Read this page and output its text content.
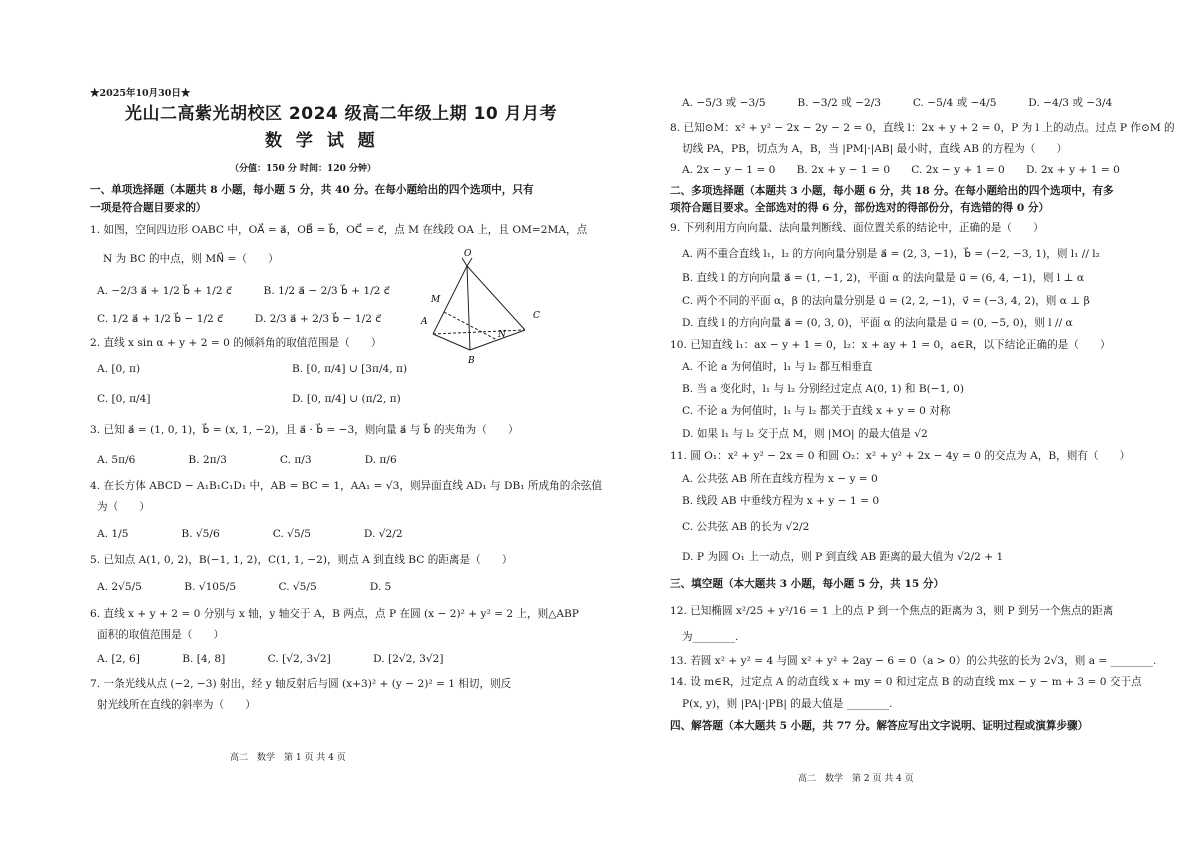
★2025年10月30日★
光山二高紫光胡校区 2024 级高二年级上期 10 月月考
数 学 试 题
（分值：150 分 时间：120 分钟）
一、单项选择题（本题共 8 小题，每小题 5 分，共 40 分。在每小题给出的四个选项中，只有
一项是符合题目要求的）
1. 如图，空间四边形 OABC 中，OA⃗ = a⃗，OB⃗ = b⃗，OC⃗ = c⃗，点 M 在线段 OA 上，且 OM=2MA，点
N 为 BC 的中点，则 MN⃗ =（　　）
A. −2/3 a⃗ + 1/2 b⃗ + 1/2 c⃗　　　B. 1/2 a⃗ − 2/3 b⃗ + 1/2 c⃗
C. 1/2 a⃗ + 1/2 b⃗ − 1/2 c⃗　　　D. 2/3 a⃗ + 2/3 b⃗ − 1/2 c⃗
O
M
A
N
C
B
2. 直线 x sin α + y + 2 = 0 的倾斜角的取值范围是（　　）
A. [0, π)	B. [0, π/4] ∪ [3π/4, π)
C. [0, π/4]	D. [0, π/4] ∪ (π/2, π)
3. 已知 a⃗ = (1, 0, 1)，b⃗ = (x, 1, −2)，且 a⃗ · b⃗ = −3，则向量 a⃗ 与 b⃗ 的夹角为（　　）
A. 5π/6　　　　　B. 2π/3　　　　　C. π/3　　　　　D. π/6
4. 在长方体 ABCD − A₁B₁C₁D₁ 中，AB = BC = 1，AA₁ = √3，则异面直线 AD₁ 与 DB₁ 所成角的余弦值
为（　　）
A. 1/5　　　　　B. √5/6　　　　　C. √5/5　　　　　D. √2/2
5. 已知点 A(1, 0, 2)，B(−1, 1, 2)，C(1, 1, −2)，则点 A 到直线 BC 的距离是（　　）
A. 2√5/5　　　　B. √105/5　　　　C. √5/5　　　　　D. 5
6. 直线 x + y + 2 = 0 分别与 x 轴，y 轴交于 A，B 两点，点 P 在圆 (x − 2)² + y² = 2 上，则△ABP
面积的取值范围是（　　）
A. [2, 6]　　　　B. [4, 8]　　　　C. [√2, 3√2]　　　　D. [2√2, 3√2]
7. 一条光线从点 (−2, −3) 射出，经 y 轴反射后与圆 (x+3)² + (y − 2)² = 1 相切，则反
射光线所在直线的斜率为（　　）
高二　数学　第 1 页 共 4 页
A. −5/3 或 −3/5　　　B. −3/2 或 −2/3　　　C. −5/4 或 −4/5　　　D. −4/3 或 −3/4
8. 已知⊙M：x² + y² − 2x − 2y − 2 = 0，直线 l：2x + y + 2 = 0，P 为 l 上的动点。过点 P 作⊙M 的
切线 PA，PB，切点为 A，B，当 |PM|·|AB| 最小时，直线 AB 的方程为（　　）
A. 2x − y − 1 = 0　　B. 2x + y − 1 = 0　　C. 2x − y + 1 = 0　　D. 2x + y + 1 = 0
二、多项选择题（本题共 3 小题，每小题 6 分，共 18 分。在每小题给出的四个选项中，有多
项符合题目要求。全部选对的得 6 分，部份选对的得部份分，有选错的得 0 分）
9. 下列利用方向向量、法向量判断线、面位置关系的结论中，正确的是（　　）
A. 两不重合直线 l₁，l₂ 的方向向量分别是 a⃗ = (2, 3, −1)，b⃗ = (−2, −3, 1)，则 l₁ // l₂
B. 直线 l 的方向向量 a⃗ = (1, −1, 2)，平面 α 的法向量是 u⃗ = (6, 4, −1)，则 l ⊥ α
C. 两个不同的平面 α，β 的法向量分别是 u⃗ = (2, 2, −1)，v⃗ = (−3, 4, 2)，则 α ⊥ β
D. 直线 l 的方向向量 a⃗ = (0, 3, 0)，平面 α 的法向量是 u⃗ = (0, −5, 0)，则 l // α
10. 已知直线 l₁：ax − y + 1 = 0，l₂：x + ay + 1 = 0，a∈R，以下结论正确的是（　　）
A. 不论 a 为何值时，l₁ 与 l₂ 都互相垂直
B. 当 a 变化时，l₁ 与 l₂ 分别经过定点 A(0, 1) 和 B(−1, 0)
C. 不论 a 为何值时，l₁ 与 l₂ 都关于直线 x + y = 0 对称
D. 如果 l₁ 与 l₂ 交于点 M，则 |MO| 的最大值是 √2
11. 圆 O₁：x² + y² − 2x = 0 和圆 O₂：x² + y² + 2x − 4y = 0 的交点为 A，B，则有（　　）
A. 公共弦 AB 所在直线方程为 x − y = 0
B. 线段 AB 中垂线方程为 x + y − 1 = 0
C. 公共弦 AB 的长为 √2/2
D. P 为圆 O₁ 上一动点，则 P 到直线 AB 距离的最大值为 √2/2 + 1
三、填空题（本大题共 3 小题，每小题 5 分，共 15 分）
12. 已知椭圆 x²/25 + y²/16 = 1 上的点 P 到一个焦点的距离为 3，则 P 到另一个焦点的距离
为________.
13. 若圆 x² + y² = 4 与圆 x² + y² + 2ay − 6 = 0（a > 0）的公共弦的长为 2√3，则 a = ________.
14. 设 m∈R，过定点 A 的动直线 x + my = 0 和过定点 B 的动直线 mx − y − m + 3 = 0 交于点
P(x, y)，则 |PA|·|PB| 的最大值是 ________.
四、解答题（本大题共 5 小题，共 77 分。解答应写出文字说明、证明过程或演算步骤）
高二　数学　第 2 页 共 4 页
